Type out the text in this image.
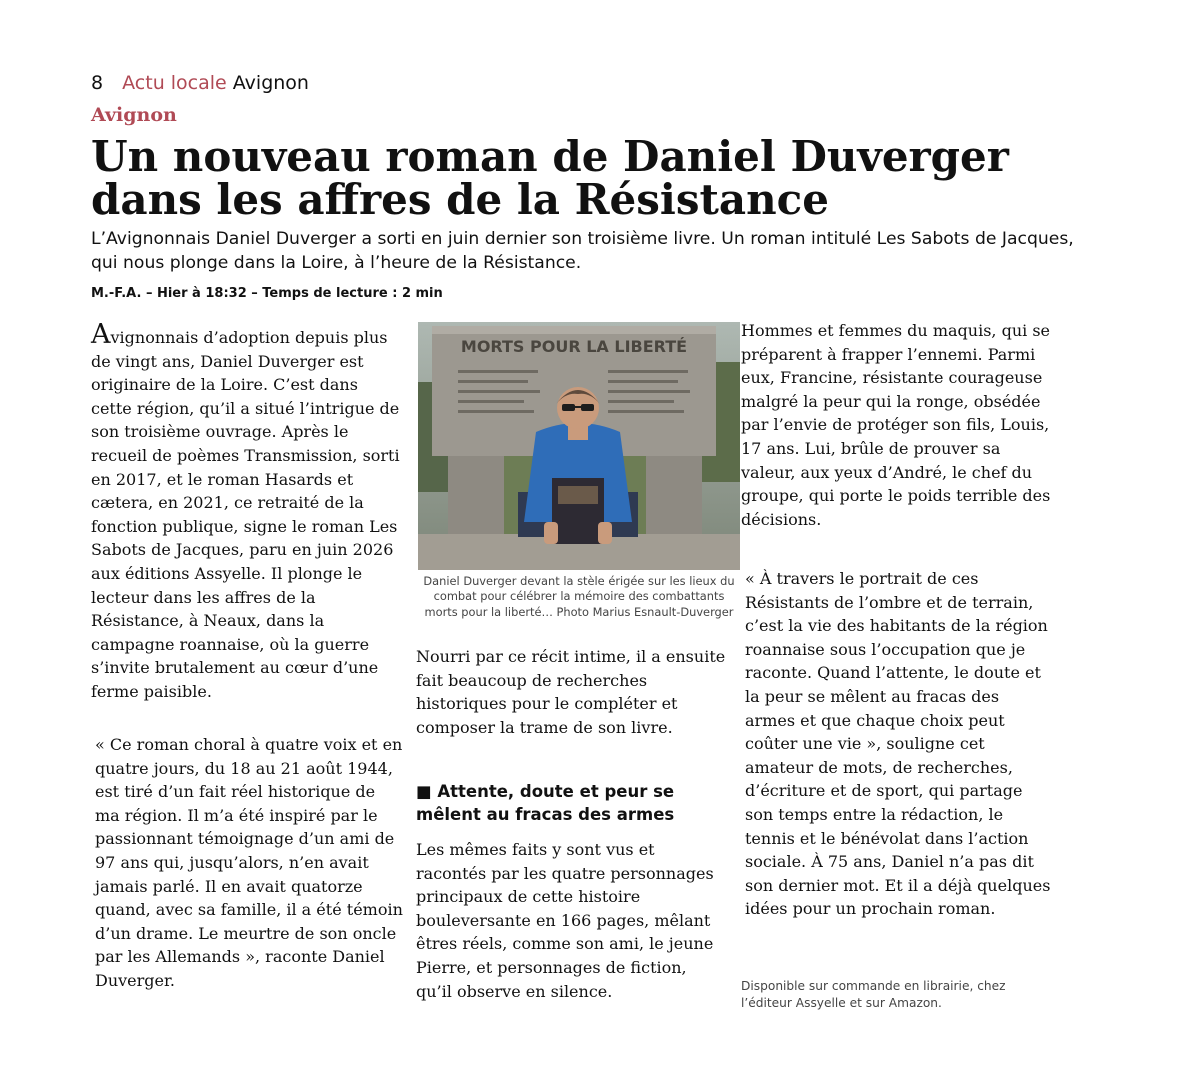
8 Actu locale Avignon
Avignon
Un nouveau roman de Daniel Duverger dans les affres de la Résistance

L’Avignonnais Daniel Duverger a sorti en juin dernier son troisième livre. Un roman intitulé Les Sabots de Jacques, qui nous plonge dans la Loire, à l’heure de la Résistance.

M.-F.A. – Hier à 18:32 – Temps de lecture : 2 min

Avignonnais d’adoption depuis plus de vingt ans, Daniel Duverger est originaire de la Loire. C’est dans cette région, qu’il a situé l’intrigue de son troisième ouvrage. Après le recueil de poèmes Transmission, sorti en 2017, et le roman Hasards et cætera, en 2021, ce retraité de la fonction publique, signe le roman Les Sabots de Jacques, paru en juin 2026 aux éditions Assyelle. Il plonge le lecteur dans les affres de la Résistance, à Neaux, dans la campagne roannaise, où la guerre s’invite brutalement au cœur d’une ferme paisible.

« Ce roman choral à quatre voix et en quatre jours, du 18 au 21 août 1944, est tiré d’un fait réel historique de ma région. Il m’a été inspiré par le passionnant témoignage d’un ami de 97 ans qui, jusqu’alors, n’en avait jamais parlé. Il en avait quatorze quand, avec sa famille, il a été témoin d’un drame. Le meurtre de son oncle par les Allemands », raconte Daniel Duverger.

MORTS POUR LA LIBERTÉ

Daniel Duverger devant la stèle érigée sur les lieux du combat pour célébrer la mémoire des combattants morts pour la liberté… Photo Marius Esnault-Duverger

Nourri par ce récit intime, il a ensuite fait beaucoup de recherches historiques pour le compléter et composer la trame de son livre.

■ Attente, doute et peur se mêlent au fracas des armes

Les mêmes faits y sont vus et racontés par les quatre personnages principaux de cette histoire bouleversante en 166 pages, mêlant êtres réels, comme son ami, le jeune Pierre, et personnages de fiction, qu’il observe en silence.

Hommes et femmes du maquis, qui se préparent à frapper l’ennemi. Parmi eux, Francine, résistante courageuse malgré la peur qui la ronge, obsédée par l’envie de protéger son fils, Louis, 17 ans. Lui, brûle de prouver sa valeur, aux yeux d’André, le chef du groupe, qui porte le poids terrible des décisions.

« À travers le portrait de ces Résistants de l’ombre et de terrain, c’est la vie des habitants de la région roannaise sous l’occupation que je raconte. Quand l’attente, le doute et la peur se mêlent au fracas des armes et que chaque choix peut coûter une vie », souligne cet amateur de mots, de recherches, d’écriture et de sport, qui partage son temps entre la rédaction, le tennis et le bénévolat dans l’action sociale. À 75 ans, Daniel n’a pas dit son dernier mot. Et il a déjà quelques idées pour un prochain roman.

Disponible sur commande en librairie, chez l’éditeur Assyelle et sur Amazon.
